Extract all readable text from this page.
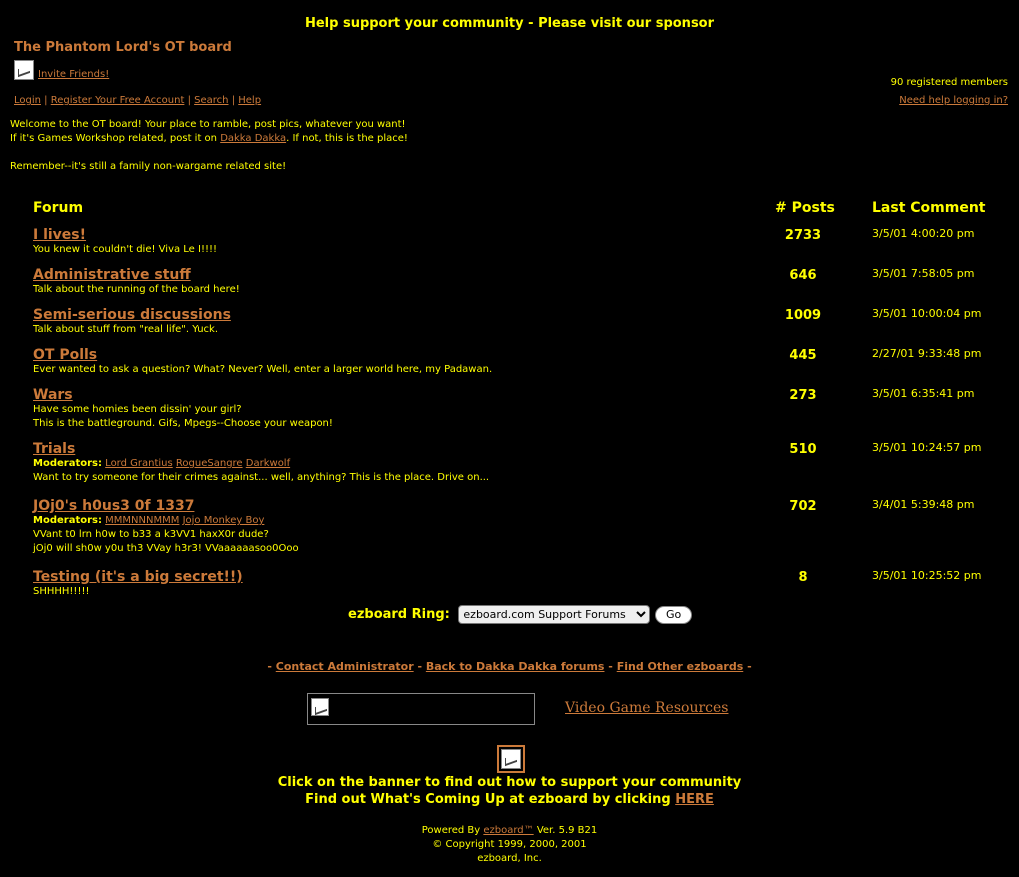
Help support your community - Please visit our sponsor
The Phantom Lord's OT board
Invite Friends!
90 registered members
Need help logging in?
Login | Register Your Free Account | Search | Help

Welcome to the OT board! Your place to ramble, post pics, whatever you want!

If it's Games Workshop related, post it on Dakka Dakka. If not, this is the place!

Remember--it's still a family non-wargame related site!

Forum	# Posts	Last Comment
I lives!
You knew it couldn't die! Viva Le I!!!!
2733	3/5/01 4:00:20 pm
Administrative stuff
Talk about the running of the board here!
646	3/5/01 7:58:05 pm
Semi-serious discussions
Talk about stuff from "real life". Yuck.
1009	3/5/01 10:00:04 pm
OT Polls
Ever wanted to ask a question? What? Never? Well, enter a larger world here, my Padawan.
445	2/27/01 9:33:48 pm
Wars
Have some homies been dissin' your girl?
This is the battleground. Gifs, Mpegs--Choose your weapon!
273	3/5/01 6:35:41 pm
Trials
Moderators: Lord Grantius RogueSangre Darkwolf
Want to try someone for their crimes against... well, anything? This is the place. Drive on...
510	3/5/01 10:24:57 pm
JOj0's h0us3 0f 1337
Moderators: MMMNNNMMM Jojo Monkey Boy
VVant t0 lrn h0w to b33 a k3VV1 haxX0r dude?
jOj0 will sh0w y0u th3 VVay h3r3! VVaaaaaasoo0Ooo
702	3/4/01 5:39:48 pm
Testing (it's a big secret!!)
SHHHH!!!!!
8	3/5/01 10:25:52 pm
ezboard Ring:
ezboard.com Support Forums	Go
- Contact Administrator - Back to Dakka Dakka forums - Find Other ezboards -
Video Game Resources
Click on the banner to find out how to support your community
Find out What's Coming Up at ezboard by clicking HERE
Powered By ezboard™ Ver. 5.9 B21
© Copyright 1999, 2000, 2001
ezboard, Inc.
